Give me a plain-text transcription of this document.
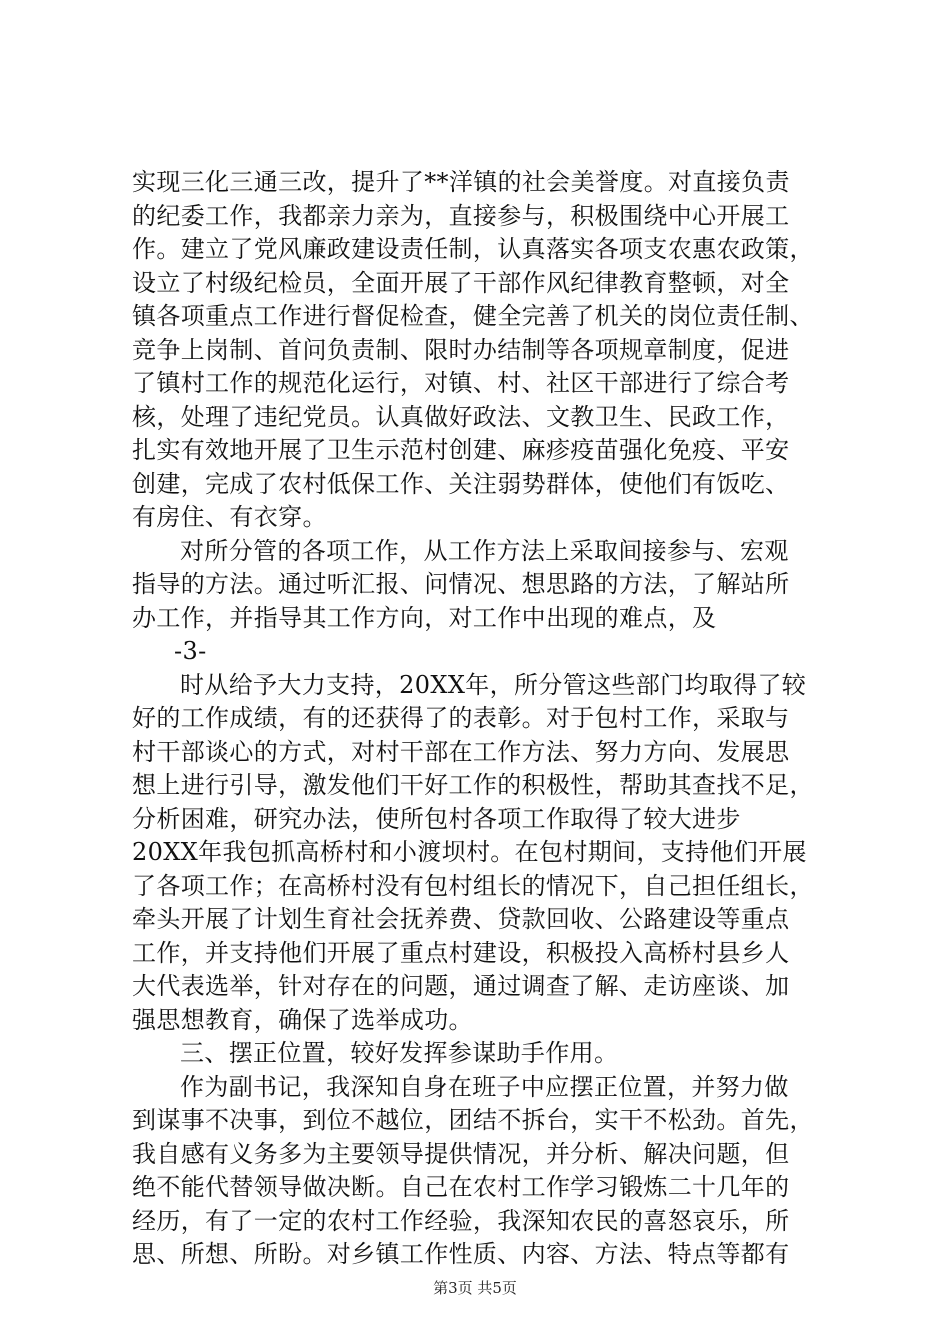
实现三化三通三改，提升了**洋镇的社会美誉度。对直接负责
的纪委工作，我都亲力亲为，直接参与，积极围绕中心开展工
作。建立了党风廉政建设责任制，认真落实各项支农惠农政策，
设立了村级纪检员，全面开展了干部作风纪律教育整顿，对全
镇各项重点工作进行督促检查，健全完善了机关的岗位责任制、
竞争上岗制、首问负责制、限时办结制等各项规章制度，促进
了镇村工作的规范化运行，对镇、村、社区干部进行了综合考
核，处理了违纪党员。认真做好政法、文教卫生、民政工作，
扎实有效地开展了卫生示范村创建、麻疹疫苗强化免疫、平安
创建，完成了农村低保工作、关注弱势群体，使他们有饭吃、
有房住、有衣穿。
对所分管的各项工作，从工作方法上采取间接参与、宏观
指导的方法。通过听汇报、问情况、想思路的方法，了解站所
办工作，并指导其工作方向，对工作中出现的难点，及
-3-
时从给予大力支持，20XX年，所分管这些部门均取得了较
好的工作成绩，有的还获得了的表彰。对于包村工作，采取与
村干部谈心的方式，对村干部在工作方法、努力方向、发展思
想上进行引导，激发他们干好工作的积极性，帮助其查找不足，
分析困难，研究办法，使所包村各项工作取得了较大进步
20XX年我包抓高桥村和小渡坝村。在包村期间，支持他们开展
了各项工作；在高桥村没有包村组长的情况下，自己担任组长，
牵头开展了计划生育社会抚养费、贷款回收、公路建设等重点
工作，并支持他们开展了重点村建设，积极投入高桥村县乡人
大代表选举，针对存在的问题，通过调查了解、走访座谈、加
强思想教育，确保了选举成功。
三、摆正位置，较好发挥参谋助手作用。
作为副书记，我深知自身在班子中应摆正位置，并努力做
到谋事不决事，到位不越位，团结不拆台，实干不松劲。首先，
我自感有义务多为主要领导提供情况，并分析、解决问题，但
绝不能代替领导做决断。自己在农村工作学习锻炼二十几年的
经历，有了一定的农村工作经验，我深知农民的喜怒哀乐，所
思、所想、所盼。对乡镇工作性质、内容、方法、特点等都有
第3页 共5页
